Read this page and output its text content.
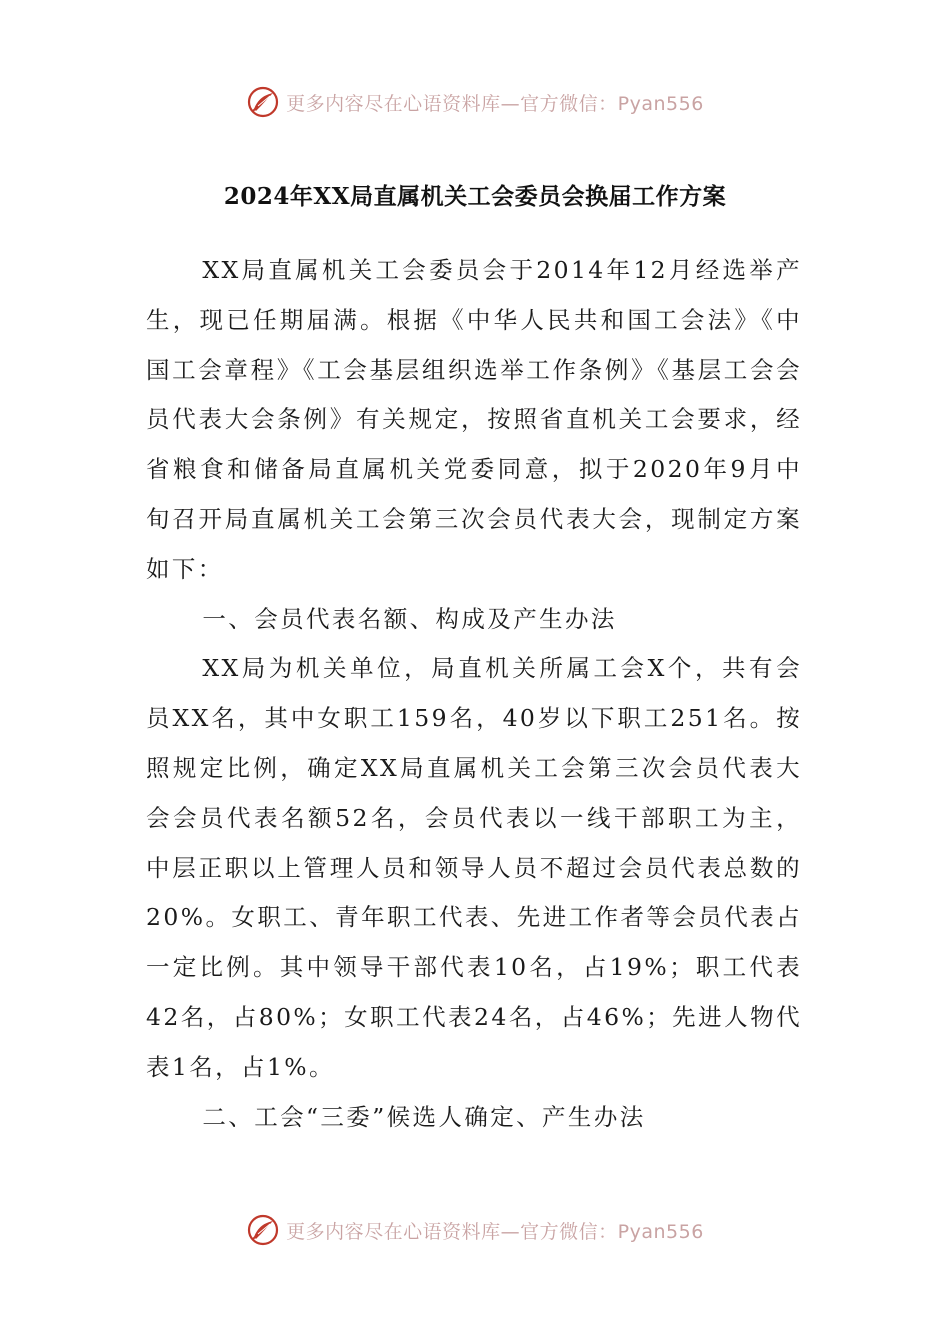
更多内容尽在心语资料库—官方微信：Pyan556
2024年XX局直属机关工会委员会换届工作方案

XX局直属机关工会委员会于2014年12月经选举产生，现已任期届满。根据《中华人民共和国工会法》《中国工会章程》《工会基层组织选举工作条例》《基层工会会员代表大会条例》有关规定，按照省直机关工会要求，经省粮食和储备局直属机关党委同意，拟于2020年9月中旬召开局直属机关工会第三次会员代表大会，现制定方案如下：

一、会员代表名额、构成及产生办法

XX局为机关单位，局直机关所属工会X个，共有会员XX名，其中女职工159名，40岁以下职工251名。按照规定比例，确定XX局直属机关工会第三次会员代表大会会员代表名额52名，会员代表以一线干部职工为主，中层正职以上管理人员和领导人员不超过会员代表总数的20%。女职工、青年职工代表、先进工作者等会员代表占一定比例。其中领导干部代表10名，占19%；职工代表42名，占80%；女职工代表24名，占46%；先进人物代表1名，占1%。

二、工会“三委”候选人确定、产生办法

更多内容尽在心语资料库—官方微信：Pyan556
